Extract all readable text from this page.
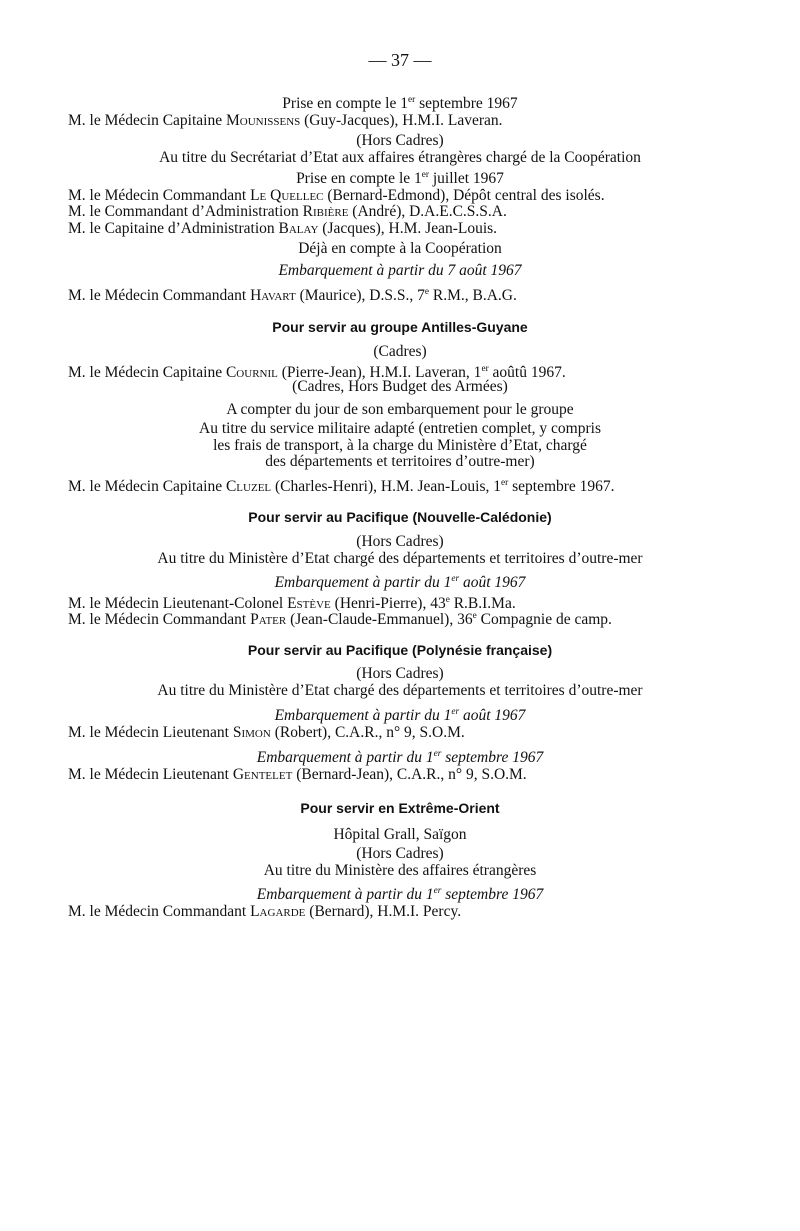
— 37 —
Prise en compte le 1er septembre 1967
M. le Médecin Capitaine Mounissens (Guy-Jacques), H.M.I. Laveran.
(Hors Cadres)
Au titre du Secrétariat d’Etat aux affaires étrangères chargé de la Coopération
Prise en compte le 1er juillet 1967
M. le Médecin Commandant Le Quellec (Bernard-Edmond), Dépôt central des isolés.
M. le Commandant d’Administration Ribière (André), D.A.E.C.S.S.A.
M. le Capitaine d’Administration Balay (Jacques), H.M. Jean-Louis.
Déjà en compte à la Coopération
Embarquement à partir du 7 août 1967
M. le Médecin Commandant Havart (Maurice), D.S.S., 7e R.M., B.A.G.
Pour servir au groupe Antilles-Guyane
(Cadres)
M. le Médecin Capitaine Cournil (Pierre-Jean), H.M.I. Laveran, 1er aoûtû 1967.
(Cadres, Hors Budget des Armées)
A compter du jour de son embarquement pour le groupe
Au titre du service militaire adapté (entretien complet, y compris
les frais de transport, à la charge du Ministère d’Etat, chargé
des départements et territoires d’outre-mer)
M. le Médecin Capitaine Cluzel (Charles-Henri), H.M. Jean-Louis, 1er septembre 1967.
Pour servir au Pacifique (Nouvelle-Calédonie)
(Hors Cadres)
Au titre du Ministère d’Etat chargé des départements et territoires d’outre-mer
Embarquement à partir du 1er août 1967
M. le Médecin Lieutenant-Colonel Estève (Henri-Pierre), 43e R.B.I.Ma.
M. le Médecin Commandant Pater (Jean-Claude-Emmanuel), 36e Compagnie de camp.
Pour servir au Pacifique (Polynésie française)
(Hors Cadres)
Au titre du Ministère d’Etat chargé des départements et territoires d’outre-mer
Embarquement à partir du 1er août 1967
M. le Médecin Lieutenant Simon (Robert), C.A.R., n° 9, S.O.M.
Embarquement à partir du 1er septembre 1967
M. le Médecin Lieutenant Gentelet (Bernard-Jean), C.A.R., n° 9, S.O.M.
Pour servir en Extrême-Orient
Hôpital Grall, Saïgon
(Hors Cadres)
Au titre du Ministère des affaires étrangères
Embarquement à partir du 1er septembre 1967
M. le Médecin Commandant Lagarde (Bernard), H.M.I. Percy.
